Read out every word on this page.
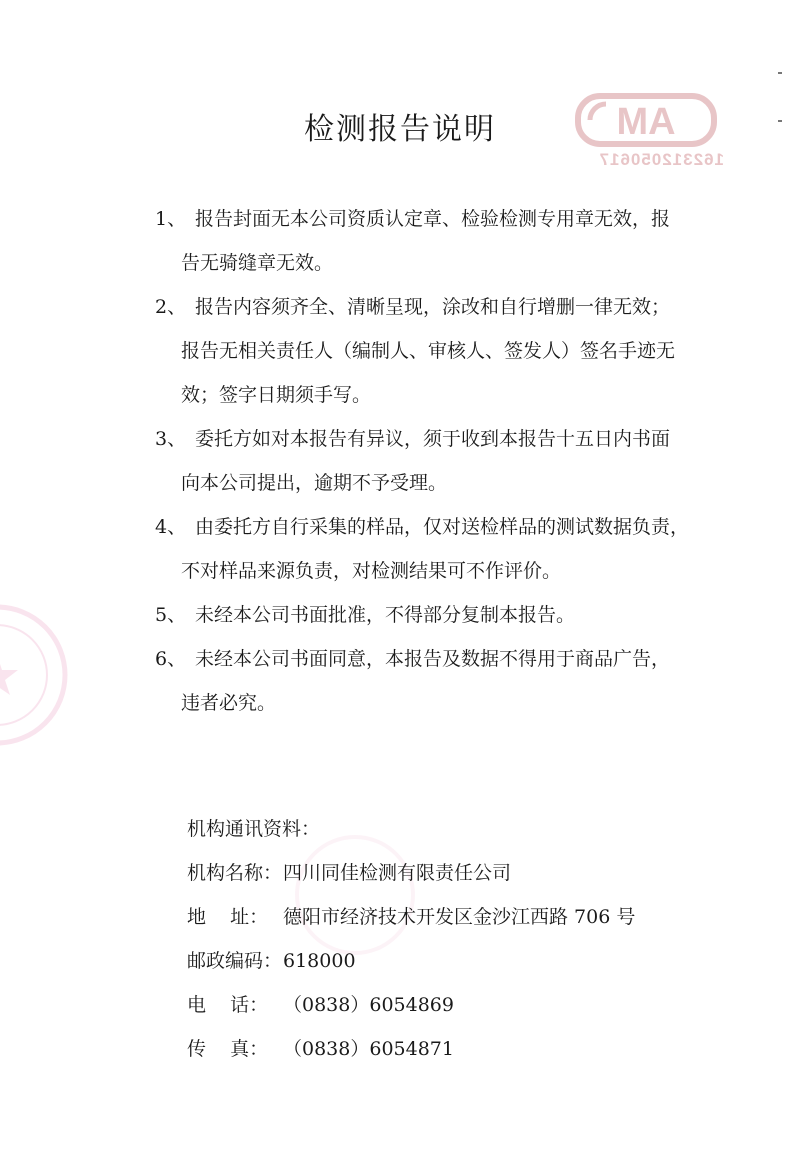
MA
162312050617
检测报告说明
1、 报告封面无本公司资质认定章、检验检测专用章无效，报
告无骑缝章无效。
2、 报告内容须齐全、清晰呈现，涂改和自行增删一律无效；
报告无相关责任人（编制人、审核人、签发人）签名手迹无
效；签字日期须手写。
3、 委托方如对本报告有异议，须于收到本报告十五日内书面
向本公司提出，逾期不予受理。
4、 由委托方自行采集的样品，仅对送检样品的测试数据负责，
不对样品来源负责，对检测结果可不作评价。
5、 未经本公司书面批准，不得部分复制本报告。
6、 未经本公司书面同意，本报告及数据不得用于商品广告，
违者必究。
机构通讯资料：
机构名称：四川同佳检测有限责任公司
地    址： 德阳市经济技术开发区金沙江西路 706 号
邮政编码：618000
电    话： （0838）6054869
传    真： （0838）6054871
